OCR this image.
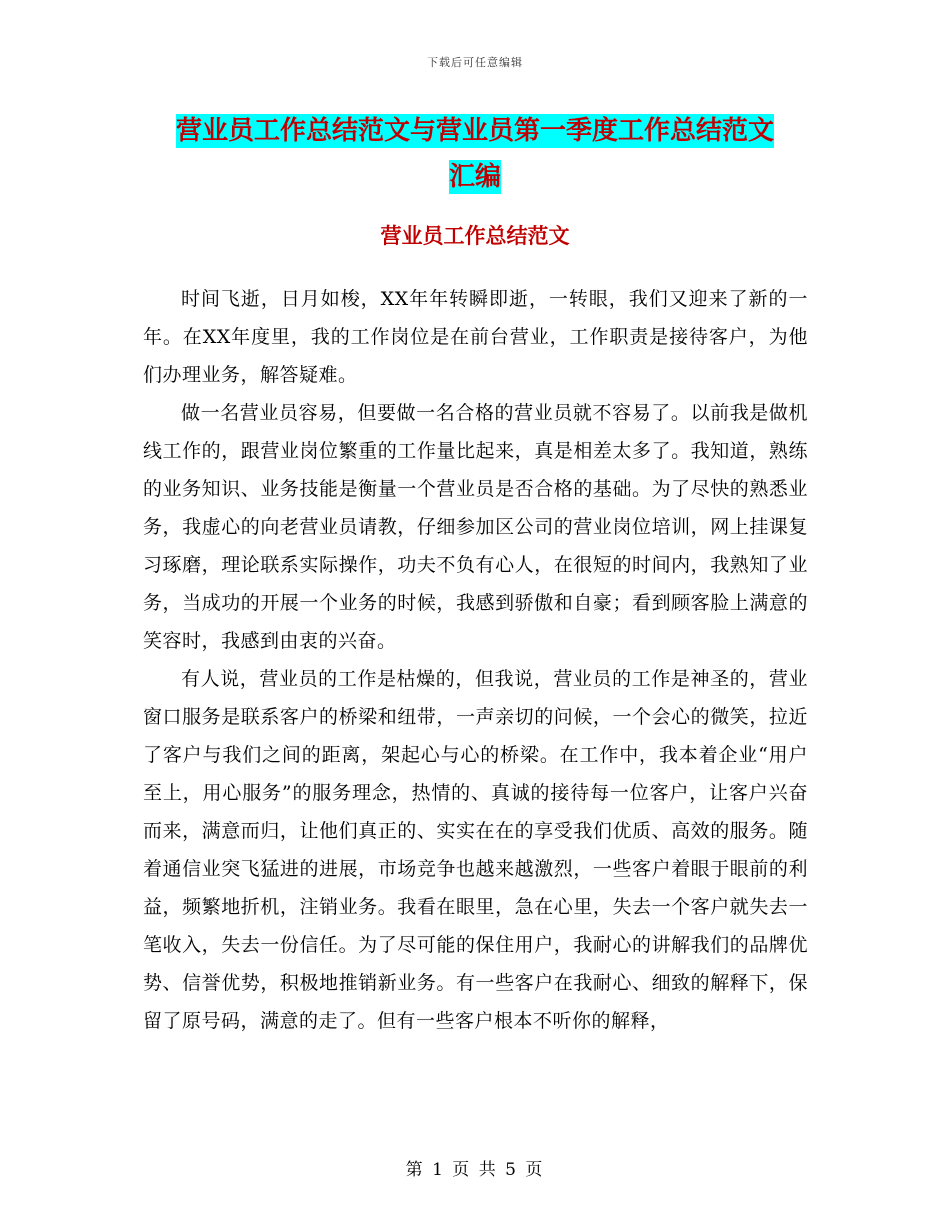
下载后可任意编辑
营业员工作总结范文与营业员第一季度工作总结范文
汇编
营业员工作总结范文

时间飞逝，日月如梭，XX年年转瞬即逝，一转眼，我们又迎来了新的一年。在XX年度里，我的工作岗位是在前台营业，工作职责是接待客户，为他们办理业务，解答疑难。

做一名营业员容易，但要做一名合格的营业员就不容易了。以前我是做机线工作的，跟营业岗位繁重的工作量比起来，真是相差太多了。我知道，熟练的业务知识、业务技能是衡量一个营业员是否合格的基础。为了尽快的熟悉业务，我虚心的向老营业员请教，仔细参加区公司的营业岗位培训，网上挂课复习琢磨，理论联系实际操作，功夫不负有心人，在很短的时间内，我熟知了业务，当成功的开展一个业务的时候，我感到骄傲和自豪；看到顾客脸上满意的笑容时，我感到由衷的兴奋。

有人说，营业员的工作是枯燥的，但我说，营业员的工作是神圣的，营业窗口服务是联系客户的桥梁和纽带，一声亲切的问候，一个会心的微笑，拉近了客户与我们之间的距离，架起心与心的桥梁。在工作中，我本着企业“用户至上，用心服务”的服务理念，热情的、真诚的接待每一位客户，让客户兴奋而来，满意而归，让他们真正的、实实在在的享受我们优质、高效的服务。随着通信业突飞猛进的进展，市场竞争也越来越激烈，一些客户着眼于眼前的利益，频繁地折机，注销业务。我看在眼里，急在心里，失去一个客户就失去一笔收入，失去一份信任。为了尽可能的保住用户，我耐心的讲解我们的品牌优势、信誉优势，积极地推销新业务。有一些客户在我耐心、细致的解释下，保留了原号码，满意的走了。但有一些客户根本不听你的解释，

第 1 页 共 5 页
